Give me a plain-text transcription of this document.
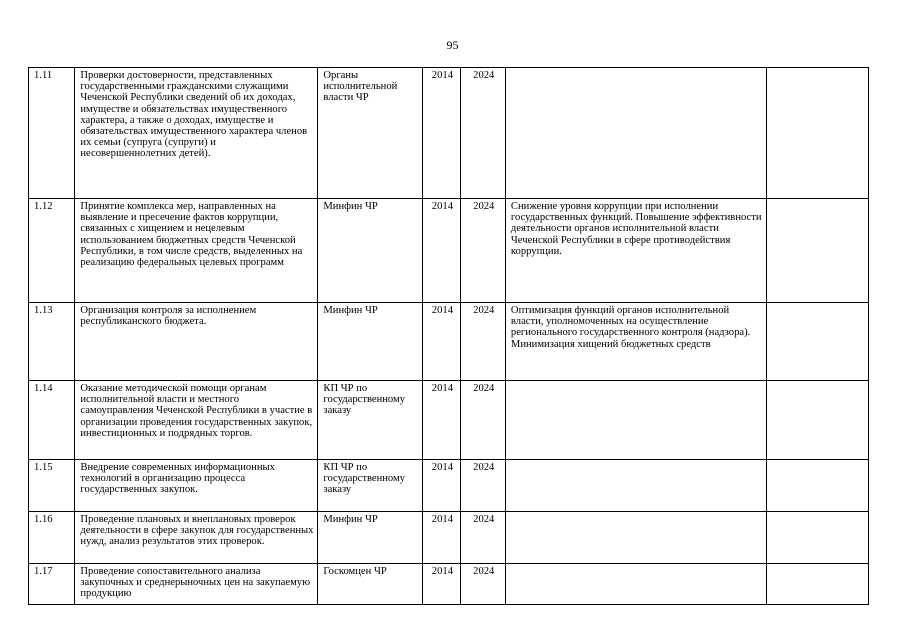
95
1.11	Проверки достоверности, представленных государственными гражданскими служащими Чеченской Республики сведений об их доходах, имуществе и обязательствах имущественного характера, а также о доходах, имуществе и обязательствах имущественного характера членов их семьи (супруга (супруги) и несовершеннолетних детей).	Органы исполнительной власти ЧР	2014	2024		
1.12	Принятие комплекса мер, направленных на выявление и пресечение фактов коррупции, связанных с хищением и нецелевым использованием бюджетных средств Чеченской Республики, в том числе средств, выделенных на реализацию федеральных целевых программ	Минфин ЧР	2014	2024	Снижение уровня коррупции при исполнении государственных функций. Повышение эффективности деятельности органов исполнительной власти Чеченской Республики в сфере противодействия коррупции.	
1.13	Организация контроля за исполнением республиканского бюджета.	Минфин ЧР	2014	2024	Оптимизация функций органов исполнительной власти, уполномоченных на осуществление регионального государственного контроля (надзора). Минимизация хищений бюджетных средств	
1.14	Оказание методической помощи органам исполнительной власти и местного самоуправления Чеченской Республики в участие в организации проведения государственных закупок, инвестиционных и подрядных торгов.	КП ЧР по государственному заказу	2014	2024		
1.15	Внедрение современных информационных технологий в организацию процесса государственных закупок.	КП ЧР по государственному заказу	2014	2024		
1.16	Проведение плановых и внеплановых проверок деятельности в сфере закупок для государственных нужд, анализ результатов этих проверок.	Минфин ЧР	2014	2024		
1.17	Проведение сопоставительного анализа закупочных и среднерыночных цен на закупаемую продукцию	Госкомцен ЧР	2014	2024		
